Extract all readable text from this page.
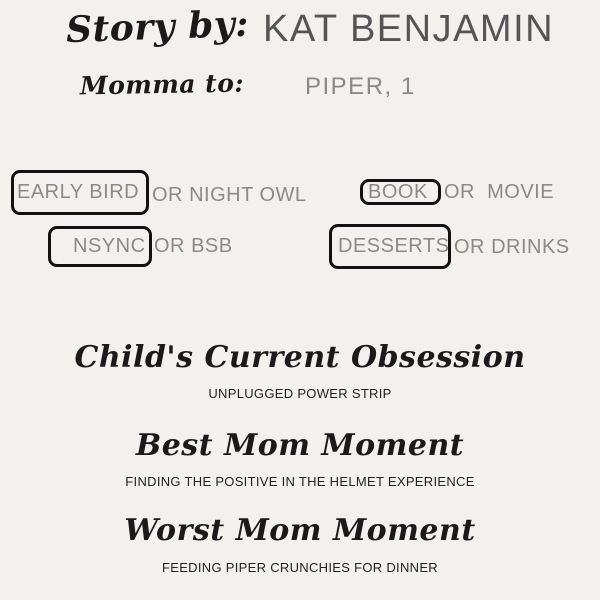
Story by: KAT BENJAMIN
Momma to:	PIPER, 1
EARLY BIRD OR NIGHT OWL	BOOK OR MOVIE
NSYNC OR BSB	DESSERTS OR DRINKS
Child's Current Obsession
UNPLUGGED POWER STRIP
Best Mom Moment
FINDING THE POSITIVE IN THE HELMET EXPERIENCE
Worst Mom Moment
FEEDING PIPER CRUNCHIES FOR DINNER
